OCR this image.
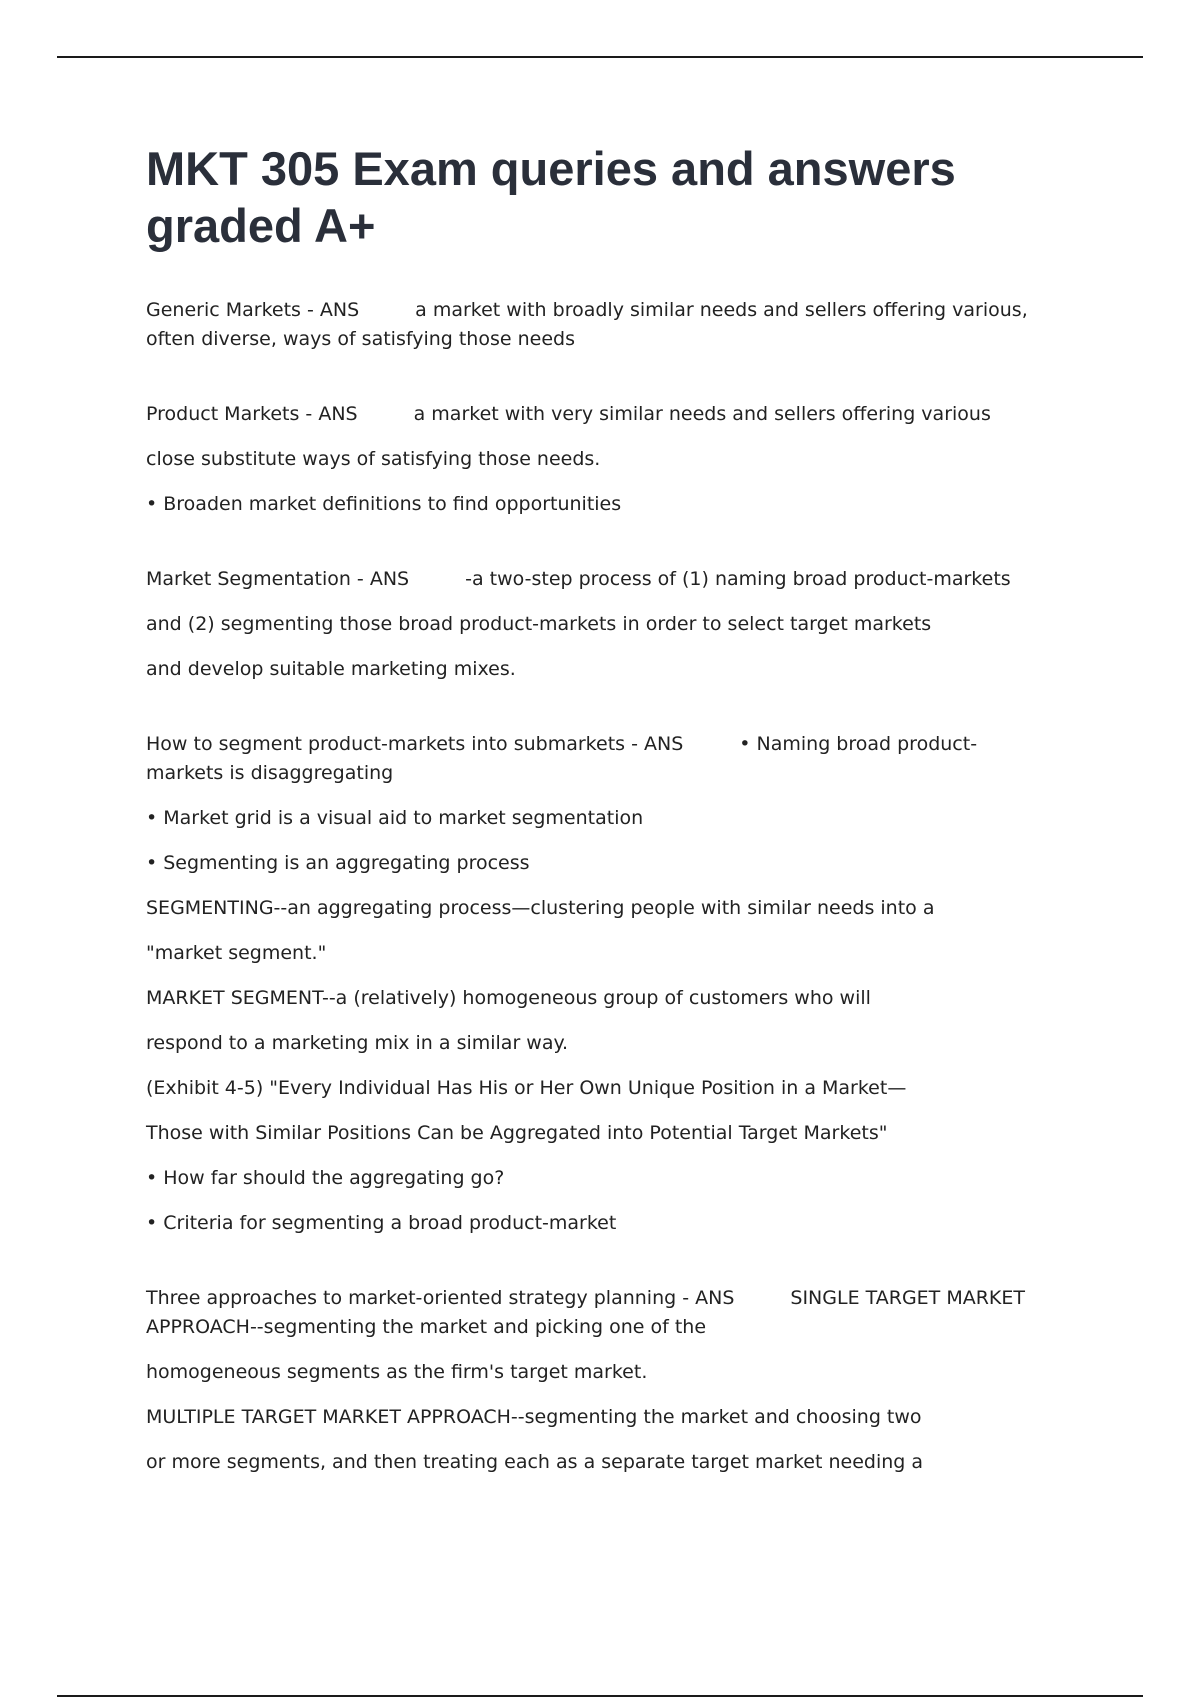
MKT 305 Exam queries and answers graded A+

Generic Markets - ANS	a market with broadly similar needs and sellers offering various, often diverse, ways of satisfying those needs

Product Markets - ANS	a market with very similar needs and sellers offering various

close substitute ways of satisfying those needs.

• Broaden market definitions to find opportunities

Market Segmentation - ANS	-a two-step process of (1) naming broad product-markets

and (2) segmenting those broad product-markets in order to select target markets

and develop suitable marketing mixes.

How to segment product-markets into submarkets - ANS	• Naming broad product-markets is disaggregating

• Market grid is a visual aid to market segmentation

• Segmenting is an aggregating process

SEGMENTING--an aggregating process—clustering people with similar needs into a

"market segment."

MARKET SEGMENT--a (relatively) homogeneous group of customers who will

respond to a marketing mix in a similar way.

(Exhibit 4-5) "Every Individual Has His or Her Own Unique Position in a Market—

Those with Similar Positions Can be Aggregated into Potential Target Markets"

• How far should the aggregating go?

• Criteria for segmenting a broad product-market

Three approaches to market-oriented strategy planning - ANS	SINGLE TARGET MARKET APPROACH--segmenting the market and picking one of the

homogeneous segments as the firm's target market.

MULTIPLE TARGET MARKET APPROACH--segmenting the market and choosing two

or more segments, and then treating each as a separate target market needing a
